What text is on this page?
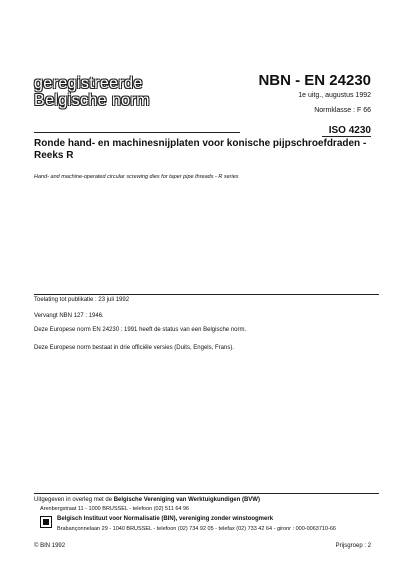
geregistreerde
Belgische norm
NBN - EN 24230
1e uitg., augustus 1992
Normklasse : F 66
ISO 4230
Ronde hand- en machinesnijplaten voor konische pijpschroefdraden - Reeks R
Hand- and machine-operated circular screwing dies for taper pipe threads - R series
Toelating tot publikatie : 23 juli 1992
Vervangt NBN 127 : 1946.
Deze Europese norm EN 24230 : 1991 heeft de status van een Belgische norm.
Deze Europese norm bestaat in drie officiële versies (Duits, Engels, Frans).
Uitgegeven in overleg met de Belgische Vereniging van Werktuigkundigen (BVW)
Arenbergstraat 11 - 1000 BRUSSEL - telefoon (02) 511 64 96
Belgisch Instituut voor Normalisatie (BIN), vereniging zonder winstoogmerk
Brabançonnelaan 29 - 1040 BRUSSEL - telefoon (02) 734 92 05 - telefax (02) 733 42 64 - gironr : 000-0063710-66
© BIN 1992	Prijsgroep : 2
